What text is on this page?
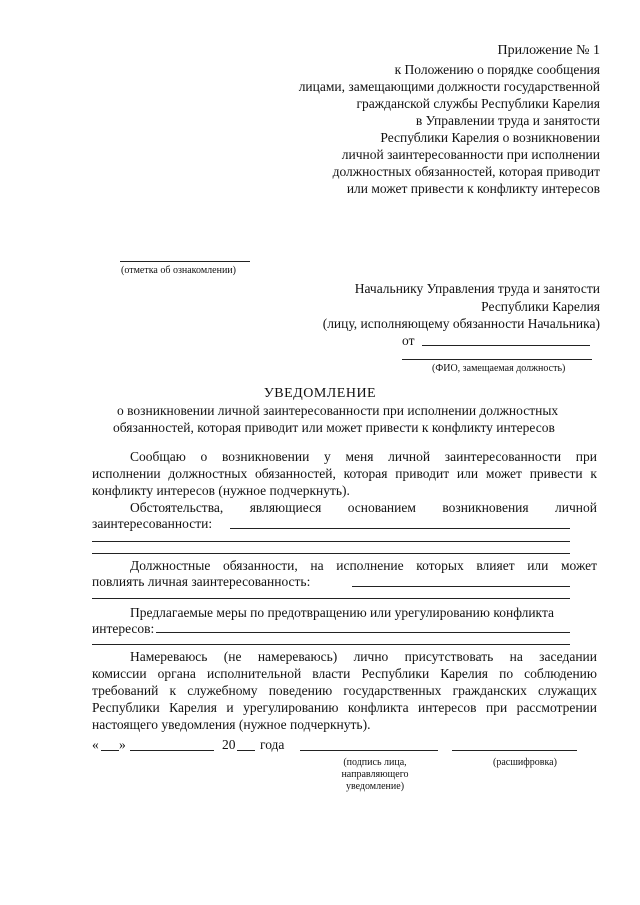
Приложение № 1
к Положению о порядке сообщения
лицами, замещающими должности государственной
гражданской службы Республики Карелия
в Управлении труда и занятости
Республики Карелия о возникновении
личной заинтересованности при исполнении
должностных обязанностей, которая приводит
или может привести к конфликту интересов
(отметка об ознакомлении)
Начальнику Управления труда и занятости
Республики Карелия
(лицу, исполняющему обязанности Начальника)
от
(ФИО, замещаемая должность)
УВЕДОМЛЕНИЕ
о возникновении личной заинтересованности при исполнении должностных
обязанностей, которая приводит или может привести к конфликту интересов
Сообщаю о возникновении у меня личной заинтересованности при
исполнении должностных обязанностей, которая приводит или может привести к
конфликту интересов (нужное подчеркнуть).
Обстоятельства, являющиеся основанием возникновения личной
заинтересованности:
Должностные обязанности, на исполнение которых влияет или может
повлиять личная заинтересованность:
Предлагаемые меры по предотвращению или урегулированию конфликта
интересов:
Намереваюсь (не намереваюсь) лично присутствовать на заседании
комиссии органа исполнительной власти Республики Карелия по соблюдению
требований к служебному поведению государственных гражданских служащих
Республики Карелия и урегулированию конфликта интересов при рассмотрении
настоящего уведомления (нужное подчеркнуть).
« »	20 года
(подпись лица,
направляющего
уведомление)
(расшифровка)
